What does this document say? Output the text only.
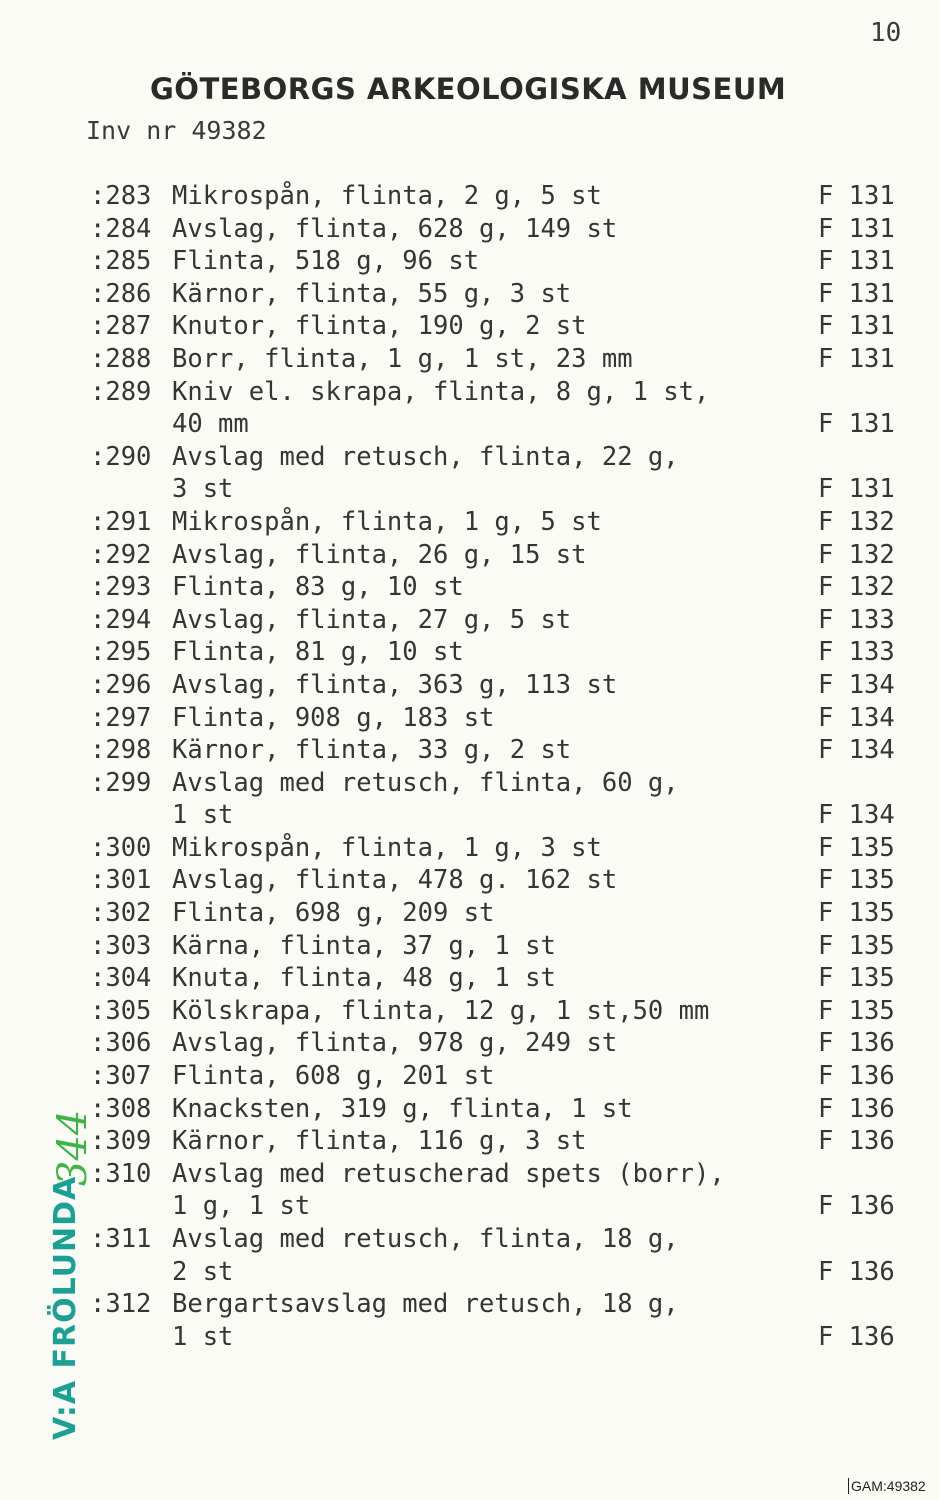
10
GÖTEBORGS ARKEOLOGISKA MUSEUM
Inv nr 49382
:283 Mikrospån, flinta, 2 g, 5 st	F 131
:284 Avslag, flinta, 628 g, 149 st	F 131
:285 Flinta, 518 g, 96 st	F 131
:286 Kärnor, flinta, 55 g, 3 st	F 131
:287 Knutor, flinta, 190 g, 2 st	F 131
:288 Borr, flinta, 1 g, 1 st, 23 mm	F 131
:289 Kniv el. skrapa, flinta, 8 g, 1 st,
40 mm	F 131
:290 Avslag med retusch, flinta, 22 g,
3 st	F 131
:291 Mikrospån, flinta, 1 g, 5 st	F 132
:292 Avslag, flinta, 26 g, 15 st	F 132
:293 Flinta, 83 g, 10 st	F 132
:294 Avslag, flinta, 27 g, 5 st	F 133
:295 Flinta, 81 g, 10 st	F 133
:296 Avslag, flinta, 363 g, 113 st	F 134
:297 Flinta, 908 g, 183 st	F 134
:298 Kärnor, flinta, 33 g, 2 st	F 134
:299 Avslag med retusch, flinta, 60 g,
1 st	F 134
:300 Mikrospån, flinta, 1 g, 3 st	F 135
:301 Avslag, flinta, 478 g. 162 st	F 135
:302 Flinta, 698 g, 209 st	F 135
:303 Kärna, flinta, 37 g, 1 st	F 135
:304 Knuta, flinta, 48 g, 1 st	F 135
:305 Kölskrapa, flinta, 12 g, 1 st,50 mm	F 135
:306 Avslag, flinta, 978 g, 249 st	F 136
:307 Flinta, 608 g, 201 st	F 136
:308 Knacksten, 319 g, flinta, 1 st	F 136
:309 Kärnor, flinta, 116 g, 3 st	F 136
:310 Avslag med retuscherad spets (borr),
1 g, 1 st	F 136
:311 Avslag med retusch, flinta, 18 g,
2 st	F 136
:312 Bergartsavslag med retusch, 18 g,
1 st	F 136
V:A FRÖLUNDA
344
GAM:49382
